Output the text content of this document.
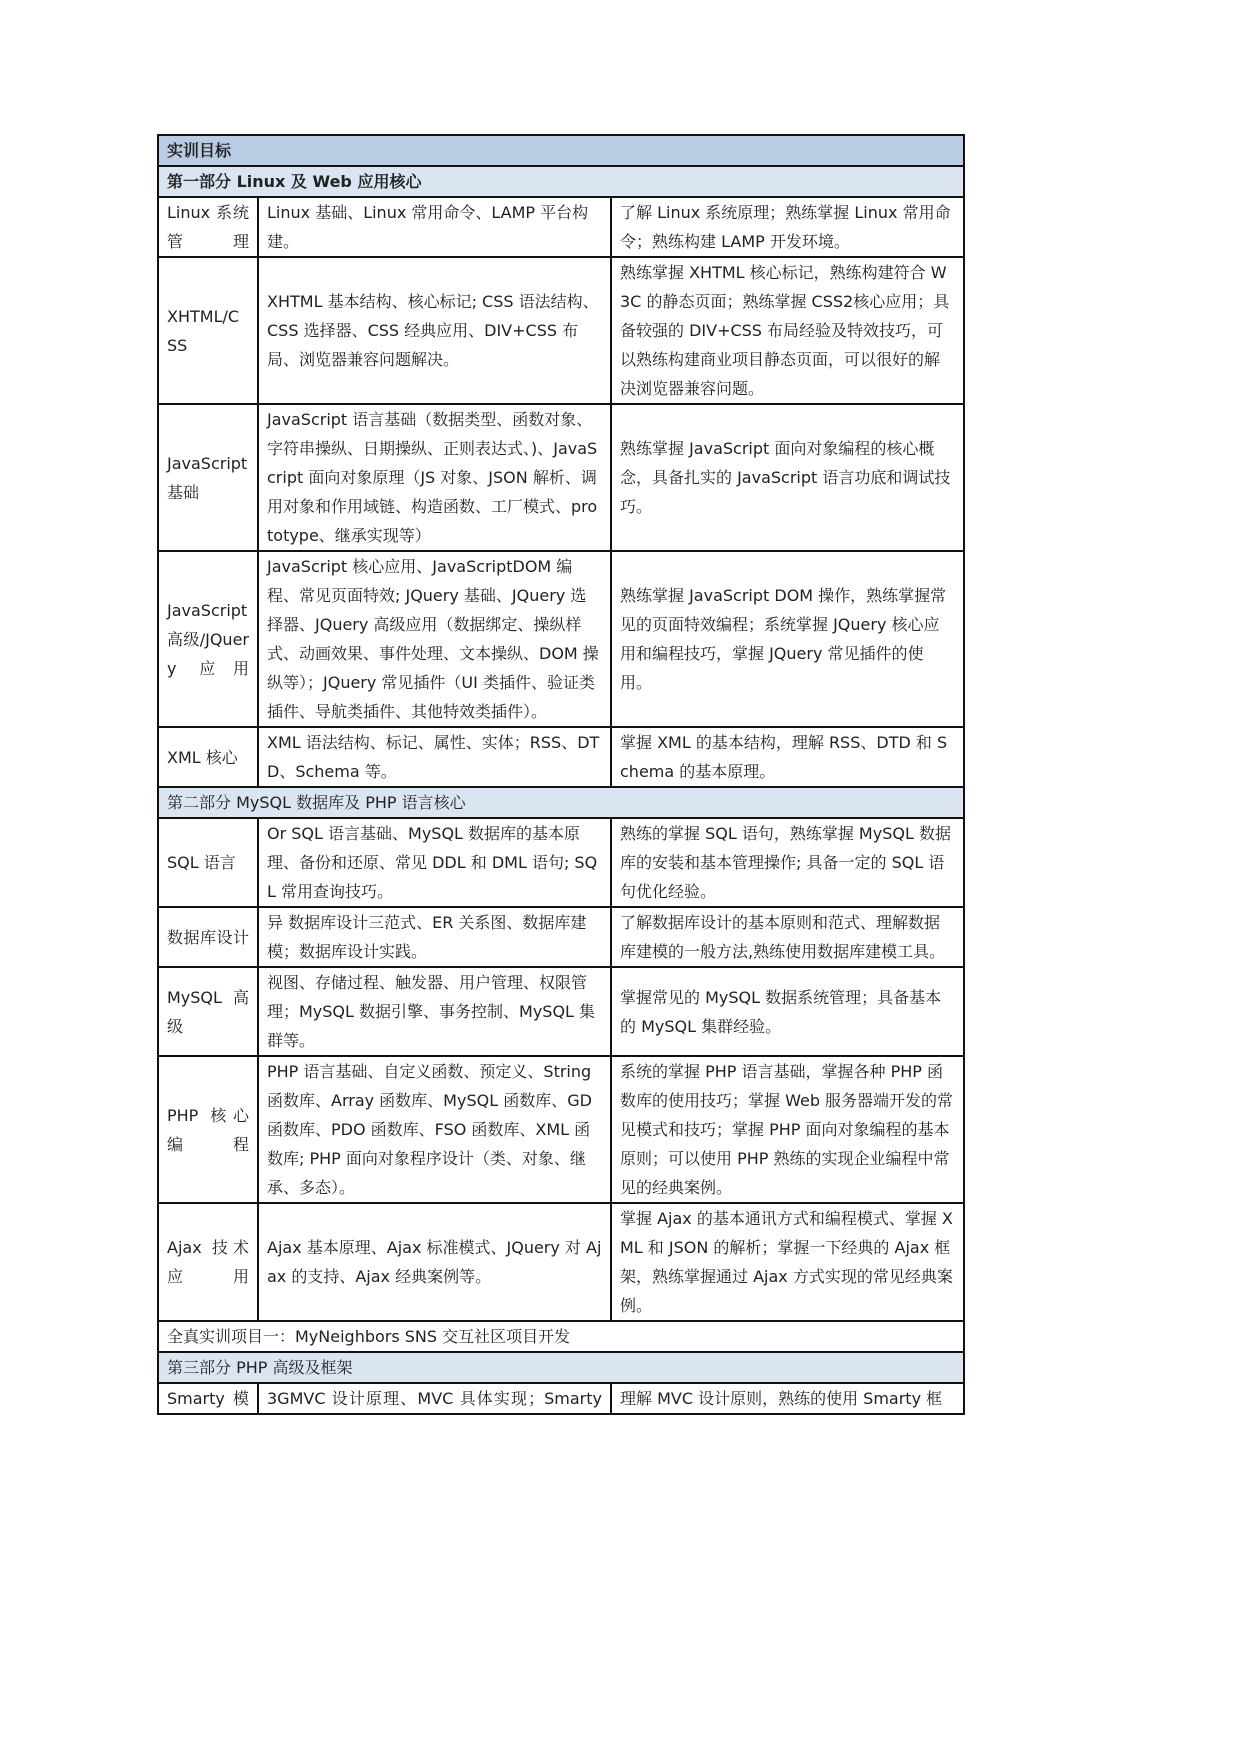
实训目标		
第一部分 Linux 及 Web 应用核心		
Linux 系统管理	Linux 基础、Linux 常用命令、LAMP 平台构建。	了解 Linux 系统原理；熟练掌握 Linux 常用命令；熟练构建 LAMP 开发环境。
XHTML/CSS	XHTML 基本结构、核心标记; CSS 语法结构、CSS 选择器、CSS 经典应用、DIV+CSS 布局、浏览器兼容问题解决。	熟练掌握 XHTML 核心标记，熟练构建符合 W3C 的静态页面；熟练掌握 CSS2核心应用；具备较强的 DIV+CSS 布局经验及特效技巧，可以熟练构建商业项目静态页面，可以很好的解决浏览器兼容问题。
JavaScript 基础	JavaScript 语言基础（数据类型、函数对象、字符串操纵、日期操纵、正则表达式、)、JavaScript 面向对象原理（JS 对象、JSON 解析、调用对象和作用域链、构造函数、工厂模式、prototype、继承实现等）	熟练掌握 JavaScript 面向对象编程的核心概念，具备扎实的 JavaScript 语言功底和调试技巧。
JavaScript 高级/JQuery 应用	JavaScript 核心应用、JavaScriptDOM 编程、常见页面特效; JQuery 基础、JQuery 选择器、JQuery 高级应用（数据绑定、操纵样式、动画效果、事件处理、文本操纵、DOM 操纵等）；JQuery 常见插件（UI 类插件、验证类插件、导航类插件、其他特效类插件）。	熟练掌握 JavaScript DOM 操作，熟练掌握常见的页面特效编程；系统掌握 JQuery 核心应用和编程技巧，掌握 JQuery 常见插件的使用。
XML 核心	XML 语法结构、标记、属性、实体；RSS、DTD、Schema 等。	掌握 XML 的基本结构，理解 RSS、DTD 和 Schema 的基本原理。
第二部分 MySQL 数据库及 PHP 语言核心		
SQL 语言	Or SQL 语言基础、MySQL 数据库的基本原理、备份和还原、常见 DDL 和 DML 语句; SQL 常用查询技巧。	熟练的掌握 SQL 语句，熟练掌握 MySQL 数据库的安装和基本管理操作; 具备一定的 SQL 语句优化经验。
数据库设计	异 数据库设计三范式、ER 关系图、数据库建模；数据库设计实践。	了解数据库设计的基本原则和范式、理解数据库建模的一般方法,熟练使用数据库建模工具。
MySQL 高级	视图、存储过程、触发器、用户管理、权限管理；MySQL 数据引擎、事务控制、MySQL 集群等。	掌握常见的 MySQL 数据系统管理；具备基本的 MySQL 集群经验。
PHP 核心编程	PHP 语言基础、自定义函数、预定义、String 函数库、Array 函数库、MySQL 函数库、GD 函数库、PDO 函数库、FSO 函数库、XML 函数库; PHP 面向对象程序设计（类、对象、继承、多态）。	系统的掌握 PHP 语言基础，掌握各种 PHP 函数库的使用技巧；掌握 Web 服务器端开发的常见模式和技巧；掌握 PHP 面向对象编程的基本原则；可以使用 PHP 熟练的实现企业编程中常见的经典案例。
Ajax 技术应用	Ajax 基本原理、Ajax 标准模式、JQuery 对 Ajax 的支持、Ajax 经典案例等。	掌握 Ajax 的基本通讯方式和编程模式、掌握 XML 和 JSON 的解析；掌握一下经典的 Ajax 框架，熟练掌握通过 Ajax 方式实现的常见经典案例。
全真实训项目一：MyNeighbors SNS 交互社区项目开发		
第三部分 PHP 高级及框架		
Smarty 模	3GMVC 设计原理、MVC 具体实现；Smarty	理解 MVC 设计原则，熟练的使用 Smarty 框
